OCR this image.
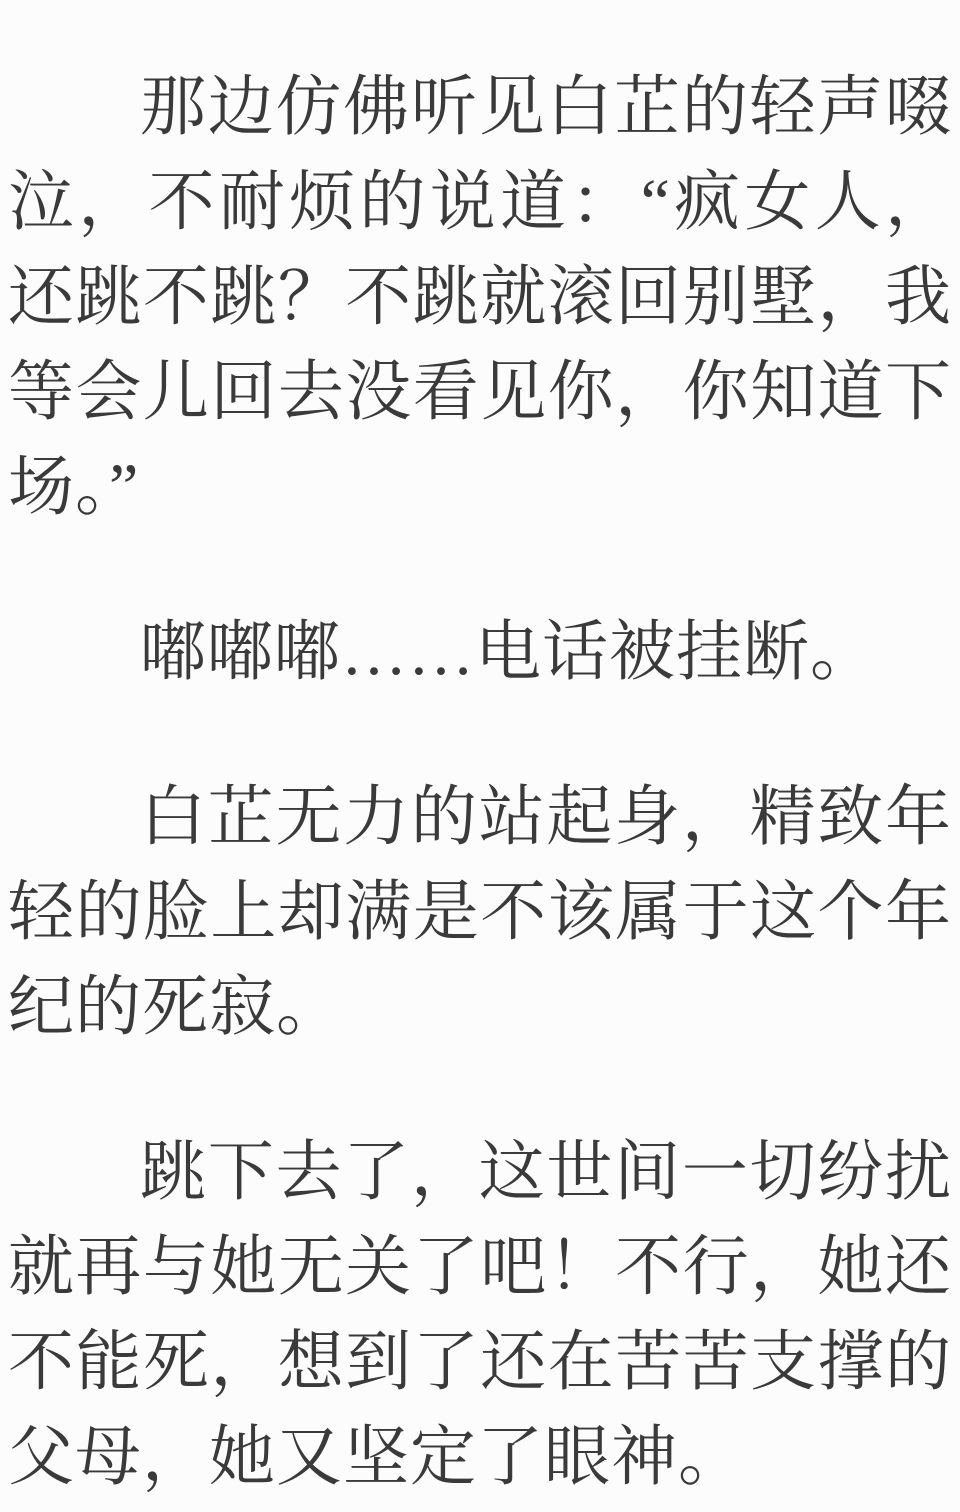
那边仿佛听见白芷的轻声啜泣，不耐烦的说道：“疯女人，还跳不跳？不跳就滚回别墅，我等会儿回去没看见你，你知道下场。”

嘟嘟嘟……电话被挂断。

白芷无力的站起身，精致年轻的脸上却满是不该属于这个年纪的死寂。

跳下去了，这世间一切纷扰就再与她无关了吧！不行，她还不能死，想到了还在苦苦支撑的父母，她又坚定了眼神。
